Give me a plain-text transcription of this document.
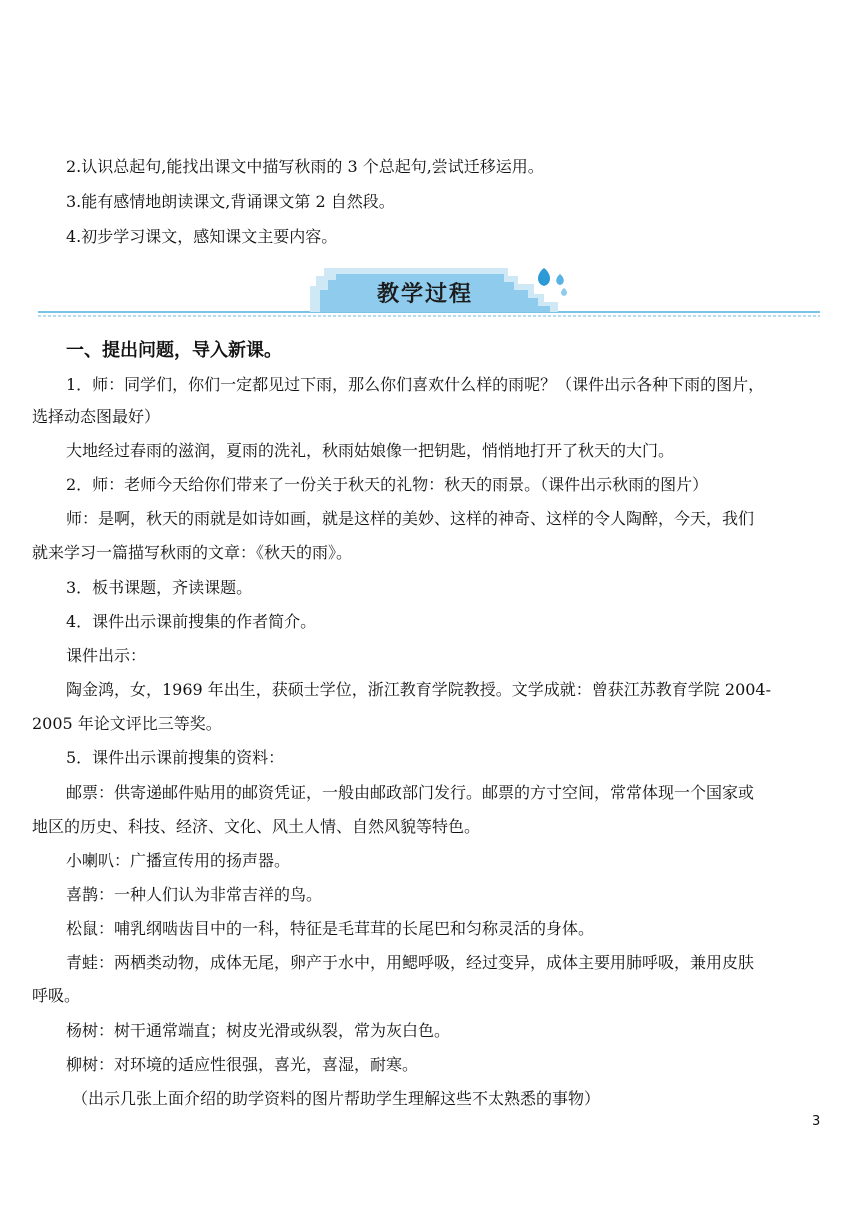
2.认识总起句,能找出课文中描写秋雨的 3 个总起句,尝试迁移运用。
3.能有感情地朗读课文,背诵课文第 2 自然段。
4.初步学习课文，感知课文主要内容。
教学过程
一、提出问题，导入新课。
1．师：同学们，你们一定都见过下雨，那么你们喜欢什么样的雨呢？（课件出示各种下雨的图片，
选择动态图最好）
大地经过春雨的滋润，夏雨的洗礼，秋雨姑娘像一把钥匙，悄悄地打开了秋天的大门。
2．师：老师今天给你们带来了一份关于秋天的礼物：秋天的雨景。（课件出示秋雨的图片）
师：是啊，秋天的雨就是如诗如画，就是这样的美妙、这样的神奇、这样的令人陶醉，今天，我们
就来学习一篇描写秋雨的文章：《秋天的雨》。
3．板书课题，齐读课题。
4．课件出示课前搜集的作者简介。
课件出示：
陶金鸿，女，1969 年出生，获硕士学位，浙江教育学院教授。文学成就：曾获江苏教育学院 2004-
2005 年论文评比三等奖。
5．课件出示课前搜集的资料：
邮票：供寄递邮件贴用的邮资凭证，一般由邮政部门发行。邮票的方寸空间，常常体现一个国家或
地区的历史、科技、经济、文化、风土人情、自然风貌等特色。
小喇叭：广播宣传用的扬声器。
喜鹊：一种人们认为非常吉祥的鸟。
松鼠：哺乳纲啮齿目中的一科，特征是毛茸茸的长尾巴和匀称灵活的身体。
青蛙：两栖类动物，成体无尾，卵产于水中，用鳃呼吸，经过变异，成体主要用肺呼吸，兼用皮肤
呼吸。
杨树：树干通常端直；树皮光滑或纵裂，常为灰白色。
柳树：对环境的适应性很强，喜光，喜湿，耐寒。
（出示几张上面介绍的助学资料的图片帮助学生理解这些不太熟悉的事物）
3
